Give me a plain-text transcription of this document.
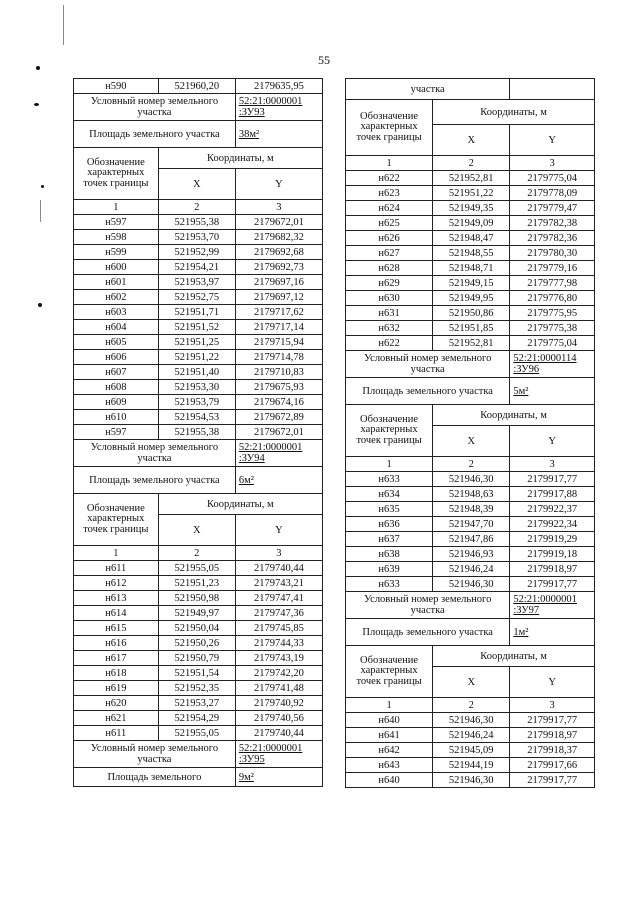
55
н590	521960,20	2179635,95
Условный номер земельного участка		52:21:0000001 :ЗУ93
Площадь земельного участка		38м²
Обозначение характерных точек границы	Координаты, м	
	X	Y
1	2	3
н597	521955,38	2179672,01
н598	521953,70	2179682,32
н599	521952,99	2179692,68
н600	521954,21	2179692,73
н601	521953,97	2179697,16
н602	521952,75	2179697,12
н603	521951,71	2179717,62
н604	521951,52	2179717,14
н605	521951,25	2179715,94
н606	521951,22	2179714,78
н607	521951,40	2179710,83
н608	521953,30	2179675,93
н609	521953,79	2179674,16
н610	521954,53	2179672,89
н597	521955,38	2179672,01
Условный номер земельного участка		52:21:0000001 :ЗУ94
Площадь земельного участка		6м²
Обозначение характерных точек границы	Координаты, м	
	X	Y
1	2	3
н611	521955,05	2179740,44
н612	521951,23	2179743,21
н613	521950,98	2179747,41
н614	521949,97	2179747,36
н615	521950,04	2179745,85
н616	521950,26	2179744,33
н617	521950,79	2179743,19
н618	521951,54	2179742,20
н619	521952,35	2179741,48
н620	521953,27	2179740,92
н621	521954,29	2179740,56
н611	521955,05	2179740,44
Условный номер земельного участка		52:21:0000001 :ЗУ95
Площадь земельного		9м²
участка		
Обозначение характерных точек границы	Координаты, м	
	X	Y
1	2	3
н622	521952,81	2179775,04
н623	521951,22	2179778,09
н624	521949,35	2179779,47
н625	521949,09	2179782,38
н626	521948,47	2179782,36
н627	521948,55	2179780,30
н628	521948,71	2179779,16
н629	521949,15	2179777,98
н630	521949,95	2179776,80
н631	521950,86	2179775,95
н632	521951,85	2179775,38
н622	521952,81	2179775,04
Условный номер земельного участка		52:21:0000114 :ЗУ96
Площадь земельного участка		5м²
Обозначение характерных точек границы	Координаты, м	
	X	Y
1	2	3
н633	521946,30	2179917,77
н634	521948,63	2179917,88
н635	521948,39	2179922,37
н636	521947,70	2179922,34
н637	521947,86	2179919,29
н638	521946,93	2179919,18
н639	521946,24	2179918,97
н633	521946,30	2179917,77
Условный номер земельного участка		52:21:0000001 :ЗУ97
Площадь земельного участка		1м²
Обозначение характерных точек границы	Координаты, м	
	X	Y
1	2	3
н640	521946,30	2179917,77
н641	521946,24	2179918,97
н642	521945,09	2179918,37
н643	521944,19	2179917,66
н640	521946,30	2179917,77
